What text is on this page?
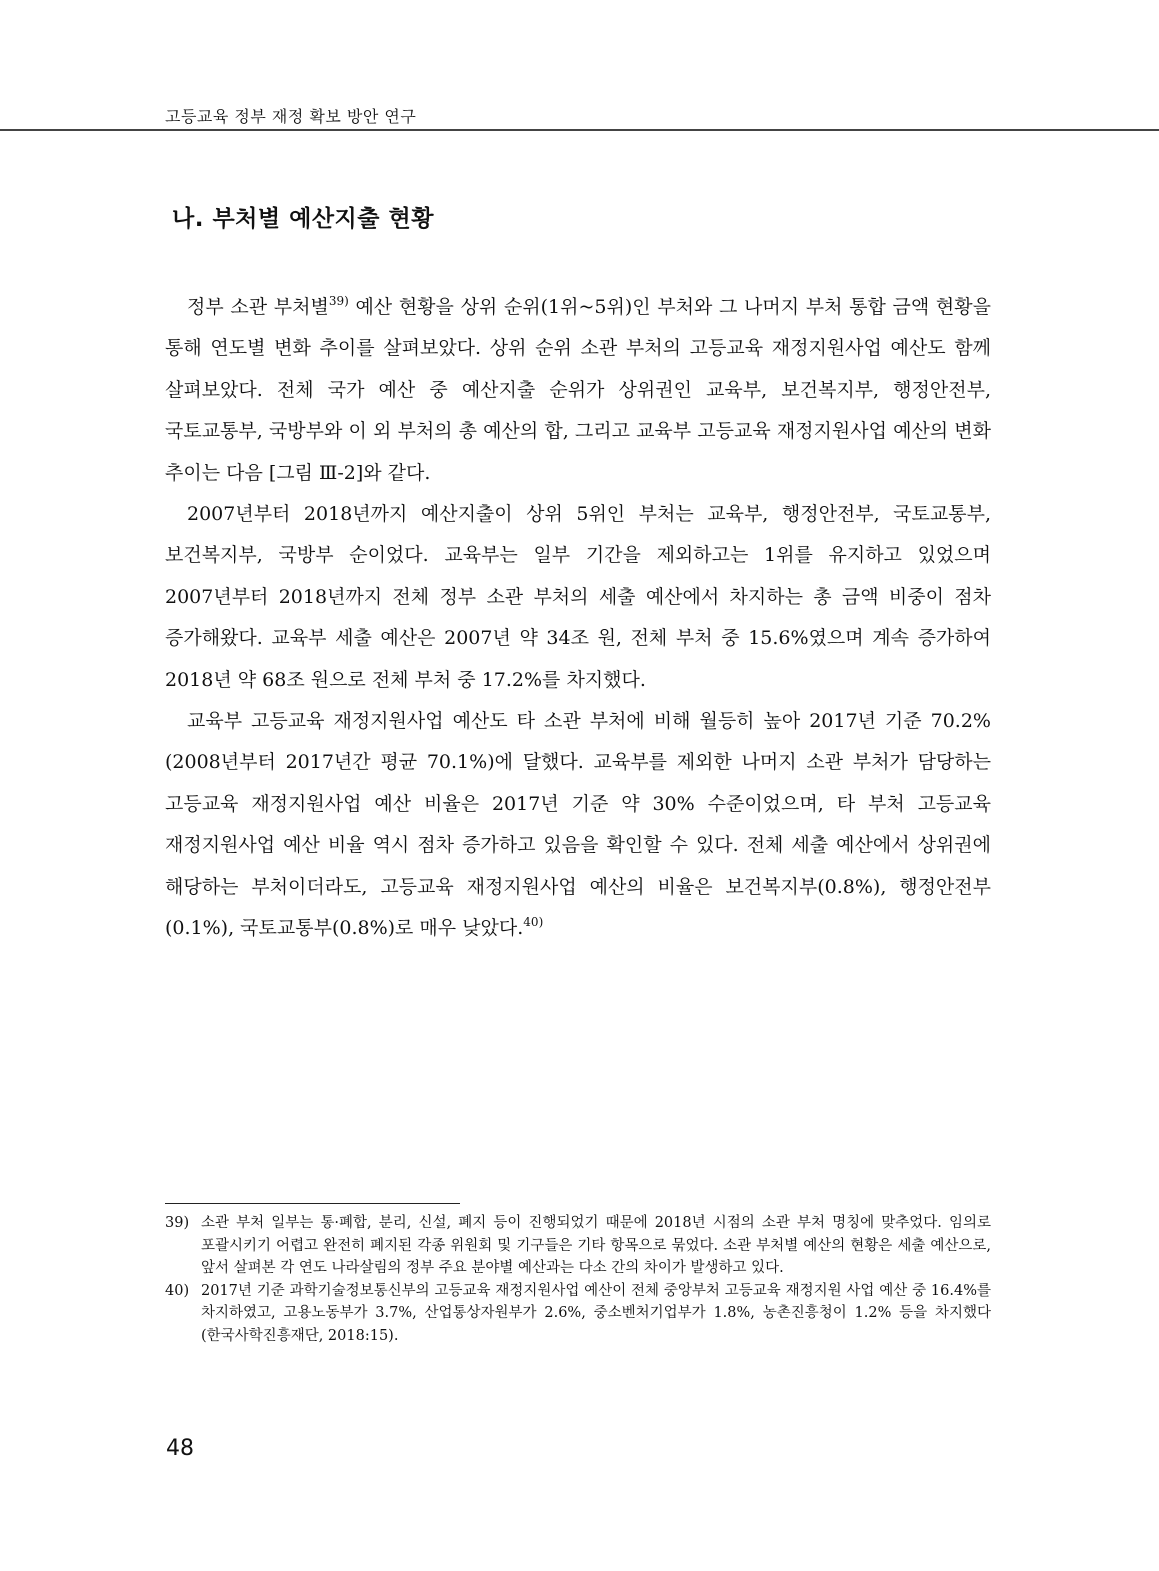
고등교육 정부 재정 확보 방안 연구
나. 부처별 예산지출 현황

정부 소관 부처별$^{39)}$ 예산 현황을 상위 순위(1위~5위)인 부처와 그 나머지 부처 통합 금액 현황을 통해 연도별 변화 추이를 살펴보았다. 상위 순위 소관 부처의 고등교육 재정지원사업 예산도 함께 살펴보았다. 전체 국가 예산 중 예산지출 순위가 상위권인 교육부, 보건복지부, 행정안전부, 국토교통부, 국방부와 이 외 부처의 총 예산의 합, 그리고 교육부 고등교육 재정지원사업 예산의 변화 추이는 다음 [그림 Ⅲ-2]와 같다.

2007년부터 2018년까지 예산지출이 상위 5위인 부처는 교육부, 행정안전부, 국토교통부, 보건복지부, 국방부 순이었다. 교육부는 일부 기간을 제외하고는 1위를 유지하고 있었으며 2007년부터 2018년까지 전체 정부 소관 부처의 세출 예산에서 차지하는 총 금액 비중이 점차 증가해왔다. 교육부 세출 예산은 2007년 약 34조 원, 전체 부처 중 15.6%였으며 계속 증가하여 2018년 약 68조 원으로 전체 부처 중 17.2%를 차지했다.

교육부 고등교육 재정지원사업 예산도 타 소관 부처에 비해 월등히 높아 2017년 기준 70.2%(2008년부터 2017년간 평균 70.1%)에 달했다. 교육부를 제외한 나머지 소관 부처가 담당하는 고등교육 재정지원사업 예산 비율은 2017년 기준 약 30% 수준이었으며, 타 부처 고등교육 재정지원사업 예산 비율 역시 점차 증가하고 있음을 확인할 수 있다. 전체 세출 예산에서 상위권에 해당하는 부처이더라도, 고등교육 재정지원사업 예산의 비율은 보건복지부(0.8%), 행정안전부(0.1%), 국토교통부(0.8%)로 매우 낮았다.$^{40)}$

39) 소관 부처 일부는 통·폐합, 분리, 신설, 폐지 등이 진행되었기 때문에 2018년 시점의 소관 부처 명칭에 맞추었다. 임의로 포괄시키기 어렵고 완전히 폐지된 각종 위원회 및 기구들은 기타 항목으로 묶었다. 소관 부처별 예산의 현황은 세출 예산으로, 앞서 살펴본 각 연도 나라살림의 정부 주요 분야별 예산과는 다소 간의 차이가 발생하고 있다.
40) 2017년 기준 과학기술정보통신부의 고등교육 재정지원사업 예산이 전체 중앙부처 고등교육 재정지원 사업 예산 중 16.4%를 차지하였고, 고용노동부가 3.7%, 산업통상자원부가 2.6%, 중소벤처기업부가 1.8%, 농촌진흥청이 1.2% 등을 차지했다(한국사학진흥재단, 2018:15).
48
